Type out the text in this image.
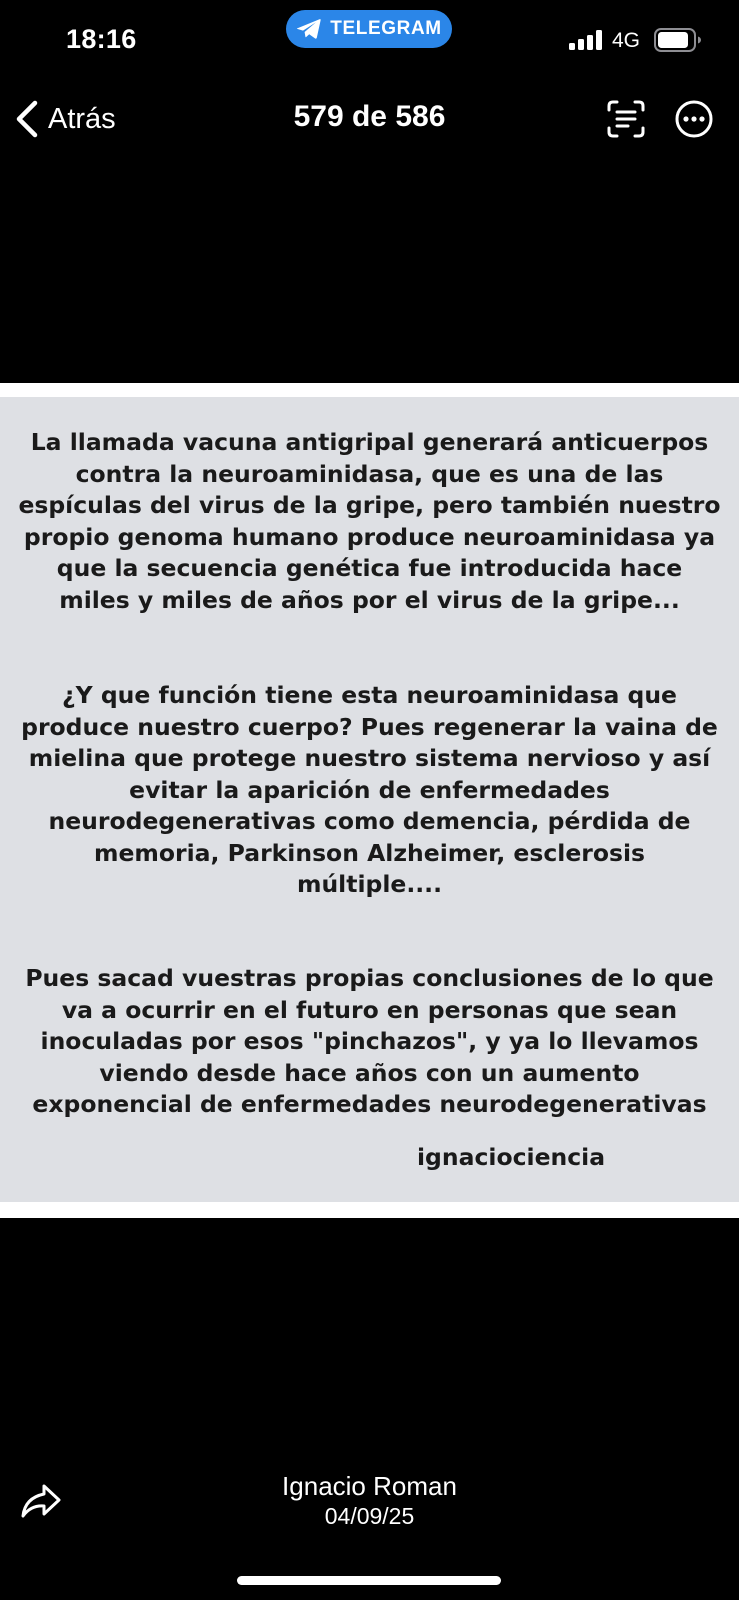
18:16	TELEGRAM
4G
Atrás	579 de 586

La llamada vacuna antigripal generará anticuerpos contra la neuroaminidasa, que es una de las espículas del virus de la gripe, pero también nuestro propio genoma humano produce neuroaminidasa ya que la secuencia genética fue introducida hace miles y miles de años por el virus de la gripe...

¿Y que función tiene esta neuroaminidasa que produce nuestro cuerpo? Pues regenerar la vaina de mielina que protege nuestro sistema nervioso y así evitar la aparición de enfermedades neurodegenerativas como demencia, pérdida de memoria, Parkinson Alzheimer, esclerosis múltiple....

Pues sacad vuestras propias conclusiones de lo que va a ocurrir en el futuro en personas que sean inoculadas por esos "pinchazos", y ya lo llevamos viendo desde hace años con un aumento exponencial de enfermedades neurodegenerativas

ignaciociencia
Ignacio Roman
04/09/25
